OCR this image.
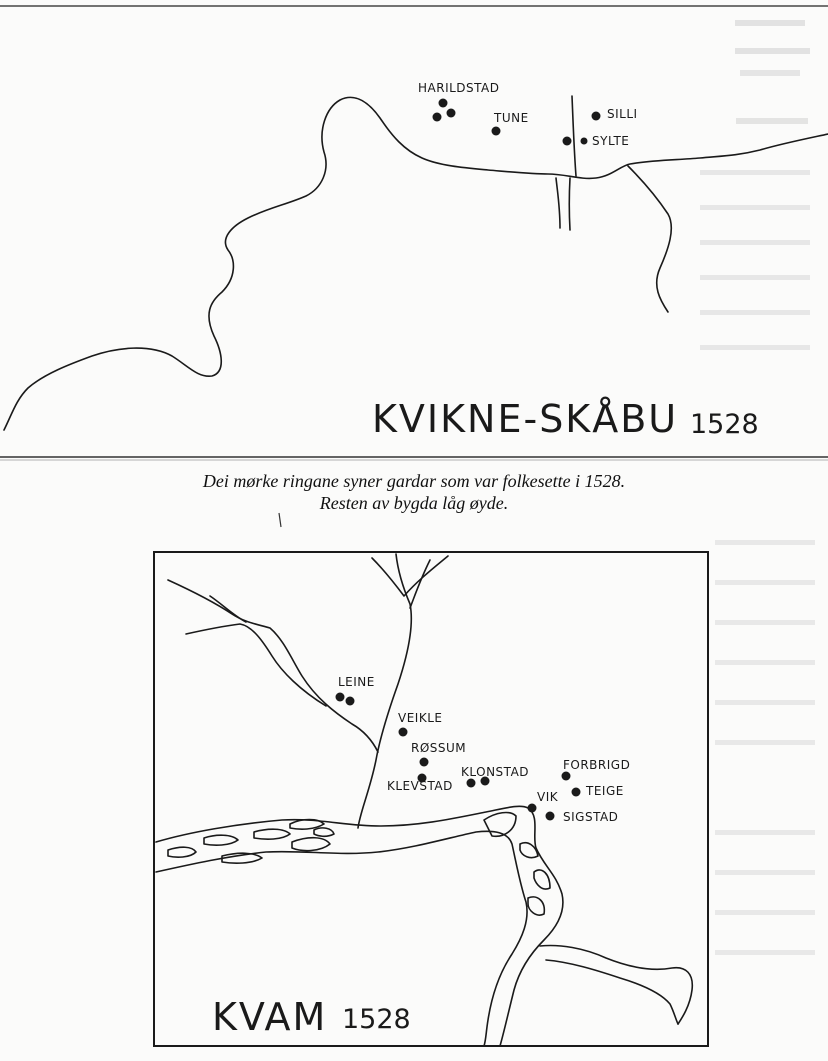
HARILDSTAD
TUNE	SILLI
SYLTE
KVIKNE-SKÅBU 1528
LEINE
VEIKLE
RØSSUM
KLONSTAD
KLEVSTAD
VIK
FORBRIGD
TEIGE
SIGSTAD
KVAM 1528
Dei mørke ringane syner gardar som var folkesette i 1528.
Resten av bygda låg øyde.
